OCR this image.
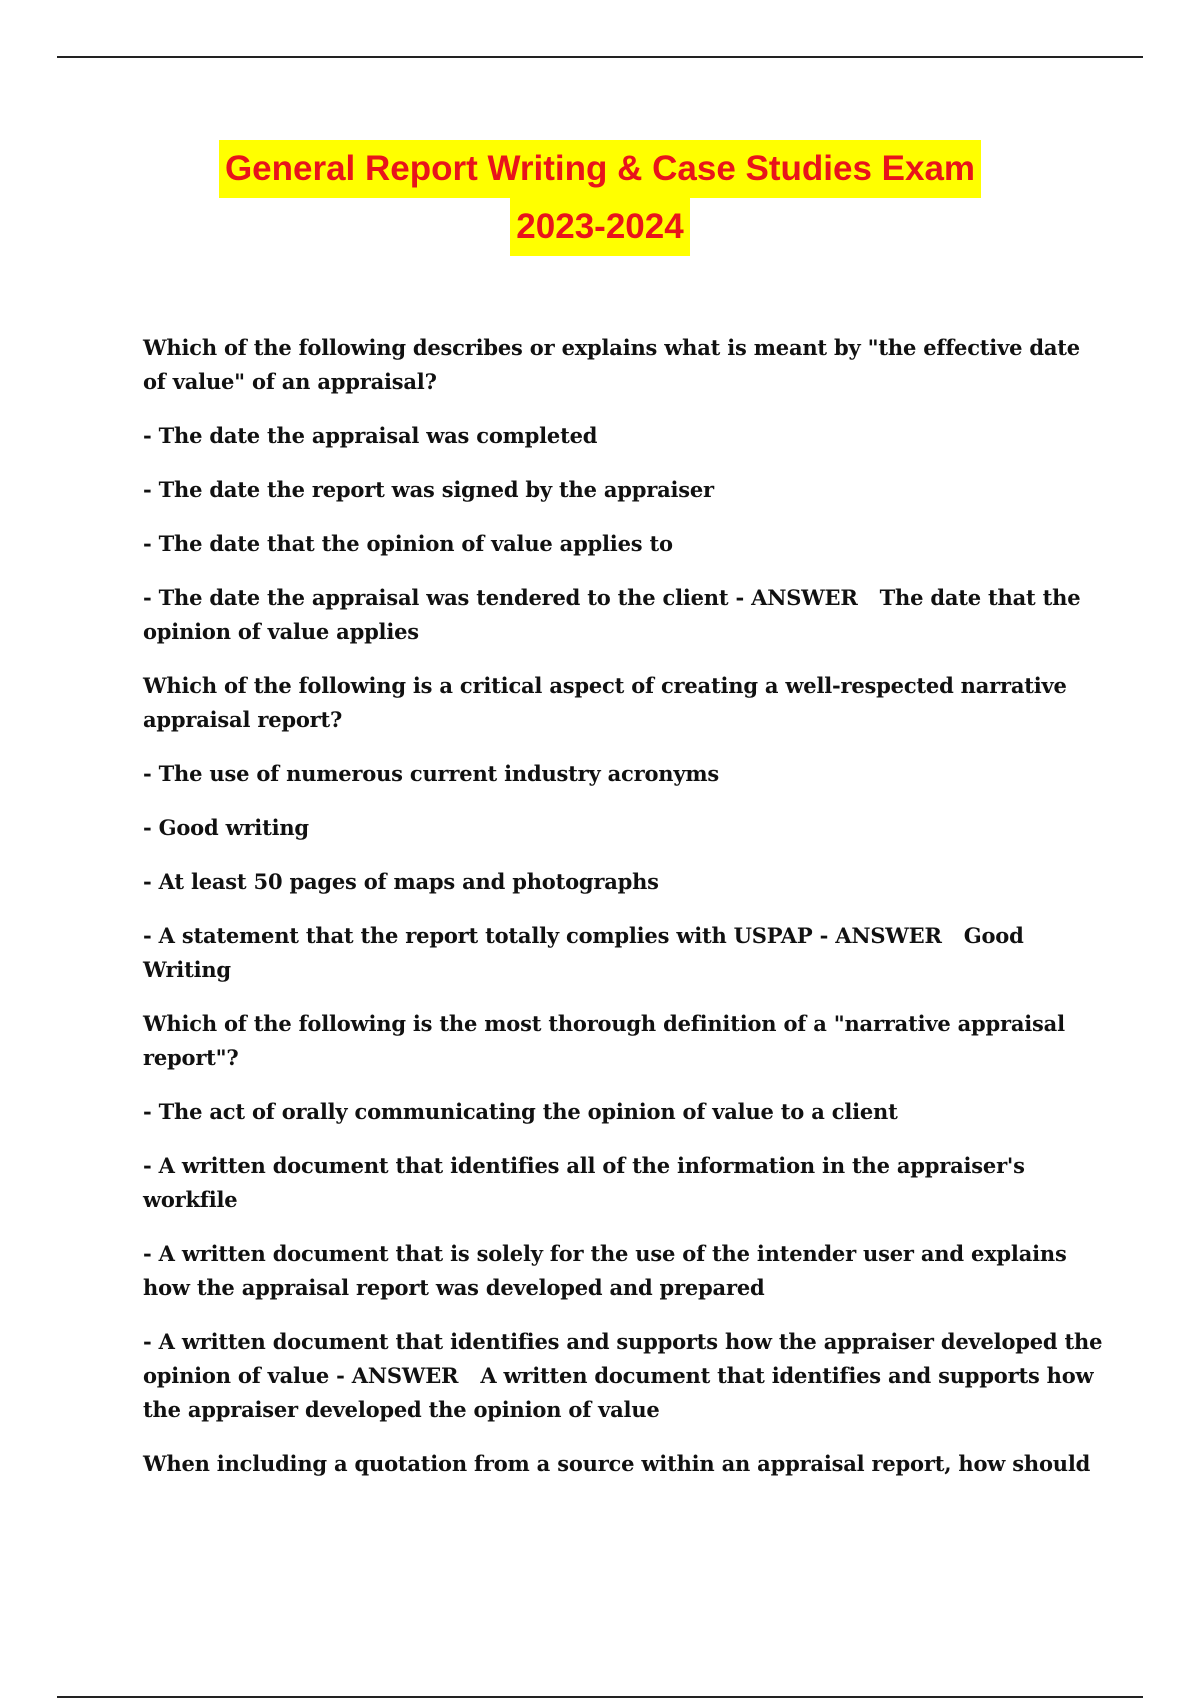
General Report Writing & Case Studies Exam
2023-2024

Which of the following describes or explains what is meant by "the effective date of value" of an appraisal?

- The date the appraisal was completed

- The date the report was signed by the appraiser

- The date that the opinion of value applies to

- The date the appraisal was tendered to the client - ANSWER The date that the opinion of value applies

Which of the following is a critical aspect of creating a well-respected narrative appraisal report?

- The use of numerous current industry acronyms

- Good writing

- At least 50 pages of maps and photographs

- A statement that the report totally complies with USPAP - ANSWER Good Writing

Which of the following is the most thorough definition of a "narrative appraisal report"?

- The act of orally communicating the opinion of value to a client

- A written document that identifies all of the information in the appraiser's workfile

- A written document that is solely for the use of the intender user and explains how the appraisal report was developed and prepared

- A written document that identifies and supports how the appraiser developed the opinion of value - ANSWER A written document that identifies and supports how the appraiser developed the opinion of value

When including a quotation from a source within an appraisal report, how should
